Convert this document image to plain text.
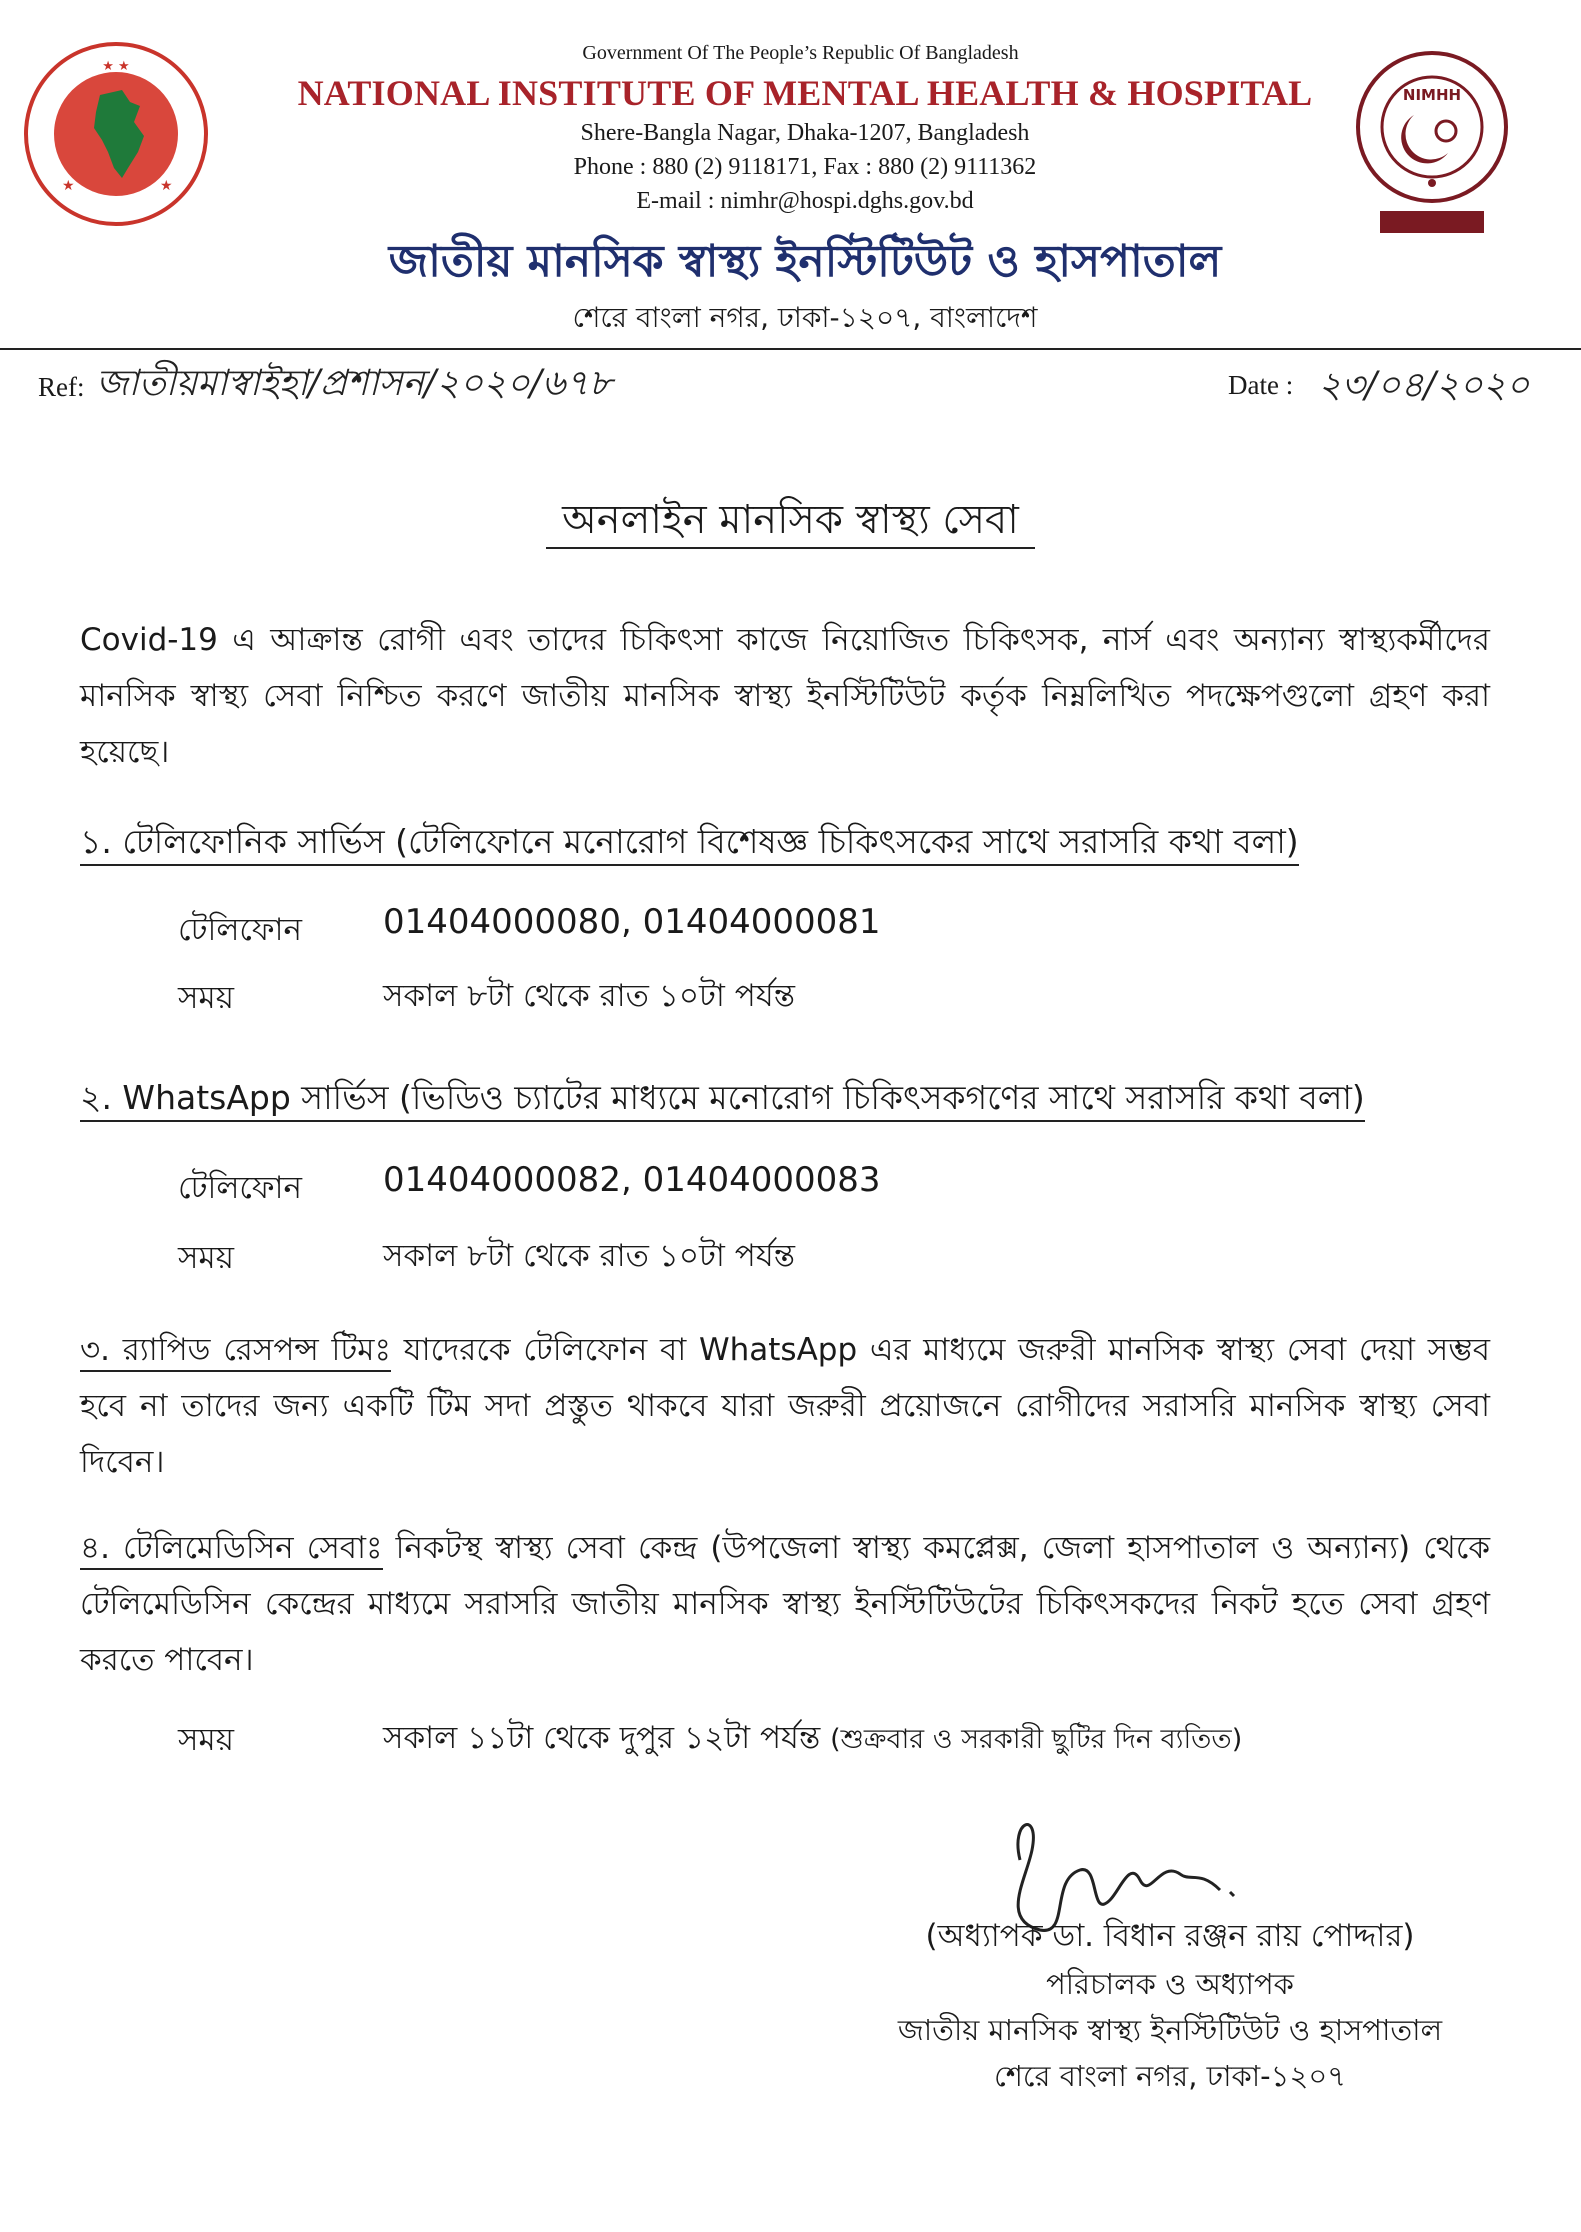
★ ★
★	★
NIMHH
Government Of The People’s Republic Of Bangladesh
NATIONAL INSTITUTE OF MENTAL HEALTH & HOSPITAL
Shere-Bangla Nagar, Dhaka-1207, Bangladesh
Phone : 880 (2) 9118171, Fax : 880 (2) 9111362
E-mail : nimhr@hospi.dghs.gov.bd
জাতীয় মানসিক স্বাস্থ্য ইনস্টিটিউট ও হাসপাতাল
শেরে বাংলা নগর, ঢাকা-১২০৭, বাংলাদেশ
Ref: জাতীয়মাস্বাইহা/প্রশাসন/২০২০/৬৭৮	Date : ২৩/০৪/২০২০
অনলাইন মানসিক স্বাস্থ্য সেবা
Covid-19 এ আক্রান্ত রোগী এবং তাদের চিকিৎসা কাজে নিয়োজিত চিকিৎসক, নার্স এবং অন্যান্য স্বাস্থ্যকর্মীদের মানসিক স্বাস্থ্য সেবা নিশ্চিত করণে জাতীয় মানসিক স্বাস্থ্য ইনস্টিটিউট কর্তৃক নিম্নলিখিত পদক্ষেপগুলো গ্রহণ করা হয়েছে।
১. টেলিফোনিক সার্ভিস (টেলিফোনে মনোরোগ বিশেষজ্ঞ চিকিৎসকের সাথে সরাসরি কথা বলা)
টেলিফোন 01404000080, 01404000081
সময়	সকাল ৮টা থেকে রাত ১০টা পর্যন্ত
২. WhatsApp সার্ভিস (ভিডিও চ্যাটের মাধ্যমে মনোরোগ চিকিৎসকগণের সাথে সরাসরি কথা বলা)
টেলিফোন 01404000082, 01404000083
সময়	সকাল ৮টা থেকে রাত ১০টা পর্যন্ত
৩. র‍্যাপিড রেসপন্স টিমঃ যাদেরকে টেলিফোন বা WhatsApp এর মাধ্যমে জরুরী মানসিক স্বাস্থ্য সেবা দেয়া সম্ভব হবে না তাদের জন্য একটি টিম সদা প্রস্তুত থাকবে যারা জরুরী প্রয়োজনে রোগীদের সরাসরি মানসিক স্বাস্থ্য সেবা দিবেন।
৪. টেলিমেডিসিন সেবাঃ নিকটস্থ স্বাস্থ্য সেবা কেন্দ্র (উপজেলা স্বাস্থ্য কমপ্লেক্স, জেলা হাসপাতাল ও অন্যান্য) থেকে টেলিমেডিসিন কেন্দ্রের মাধ্যমে সরাসরি জাতীয় মানসিক স্বাস্থ্য ইনস্টিটিউটের চিকিৎসকদের নিকট হতে সেবা গ্রহণ করতে পাবেন।
সময়	সকাল ১১টা থেকে দুপুর ১২টা পর্যন্ত (শুক্রবার ও সরকারী ছুটির দিন ব্যতিত)
(অধ্যাপক ডা. বিধান রঞ্জন রায় পোদ্দার)
পরিচালক ও অধ্যাপক
জাতীয় মানসিক স্বাস্থ্য ইনস্টিটিউট ও হাসপাতাল
শেরে বাংলা নগর, ঢাকা-১২০৭
